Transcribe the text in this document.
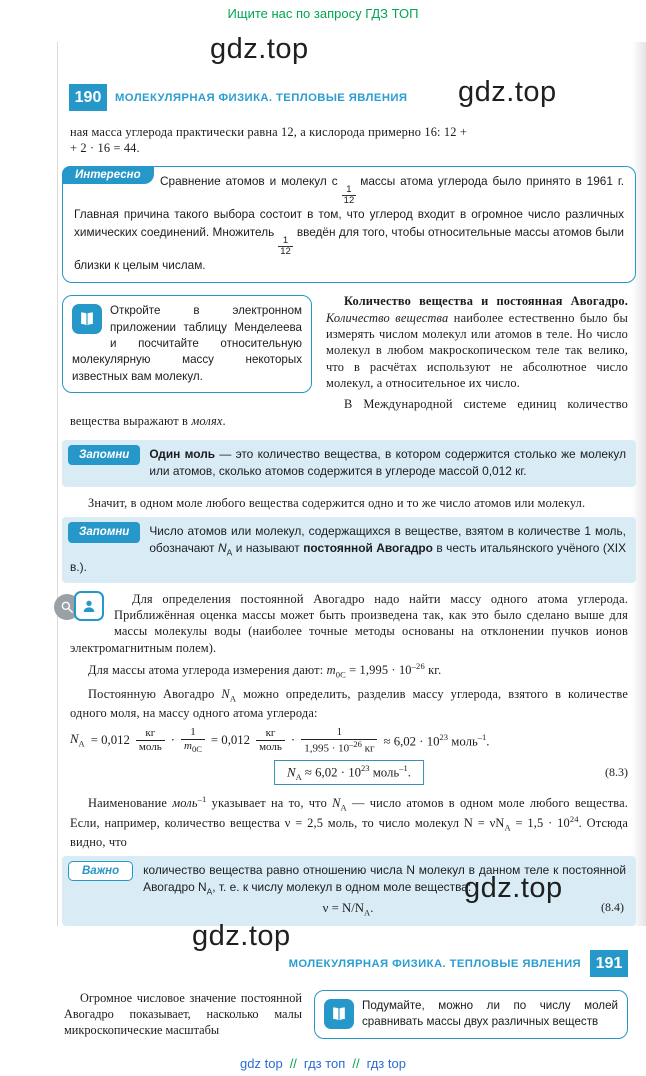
Ищите нас по запросу ГДЗ ТОП
gdz.top
gdz.top
gdz.top
gdz.top
190	МОЛЕКУЛЯРНАЯ ФИЗИКА. ТЕПЛОВЫЕ ЯВЛЕНИЯ

ная масса углерода практически равна 12, а кислорода примерно 16: 12 +
+ 2 · 16 = 44.

Интересно	Сравнение атомов и молекул с
$\frac{1}{12}$
массы атома углерода было принято в 1961 г. Главная причина такого выбора состоит в том, что углерод входит в огромное число различных химических соединений. Множитель
$\frac{1}{12}$
введён для того, чтобы относительные массы атомов были близки к целым числам.

Откройте в электронном приложении таблицу Менделеева и посчитайте относительную молекулярную массу некоторых известных вам молекул.

Количество вещества и постоянная Авогадро. Количество вещества наиболее естественно было бы измерять числом молекул или атомов в теле. Но число молекул в любом макроскопическом теле так велико, что в расчётах используют не абсолютное число молекул, а относительное их число.

В Международной системе единиц количество вещества выражают в молях.

Запомни	Один моль — это количество вещества, в котором содержится столько же молекул или атомов, сколько атомов содержится в углероде массой 0,012 кг.

Значит, в одном моле любого вещества содержится одно и то же число атомов или молекул.

Запомни	Число атомов или молекул, содержащихся в веществе, взятом в количестве 1 моль, обозначают $N_А$ и называют постоянной Авогадро в честь итальянского учёного (XIX в.).

Для определения постоянной Авогадро надо найти массу одного атома углерода. Приближённая оценка массы может быть произведена так, как это было сделано выше для массы молекулы воды (наиболее точные методы основаны на отклонении пучков ионов электромагнитным полем).

Для массы атома углерода измерения дают: $m_{0C} = 1,995 \cdot 10^{-26}$ кг.

Постоянную Авогадро $N_А$ можно определить, разделив массу углерода, взятого в количестве одного моля, на массу одного атома углерода:

$N_А = 0,012 \frac{кг}{\text{моль}} \cdot \frac{1}{m_{0C}} = 0,012 \frac{кг}{\text{моль}} \cdot \frac{1}{1,995 \cdot 10^{-26} кг} \approx 6,02 \cdot 10^{23}$ моль$^{-1}$.
$N_А \approx 6,02 \cdot 10^{23}$ моль$^{-1}$.	(8.3)

Наименование моль$^{-1}$ указывает на то, что $N_А$ — число атомов в одном моле любого вещества. Если, например, количество вещества ν = 2,5 моль, то число молекул $N = \nu N_А = 1,5 \cdot 10^{24}$. Отсюда видно, что

Важно	количество вещества равно отношению числа N молекул в данном теле к постоянной Авогадро $N_А$, т. е. к числу молекул в одном моле вещества:
$\nu = N/N_А$.	(8.4)
МОЛЕКУЛЯРНАЯ ФИЗИКА. ТЕПЛОВЫЕ ЯВЛЕНИЯ 191

Огромное числовое значение постоянной Авогадро показывает, насколько малы микроскопические масштабы

Подумайте, можно ли по числу молей сравнивать массы двух различных веществ
gdz top // гдз топ // гдз top
